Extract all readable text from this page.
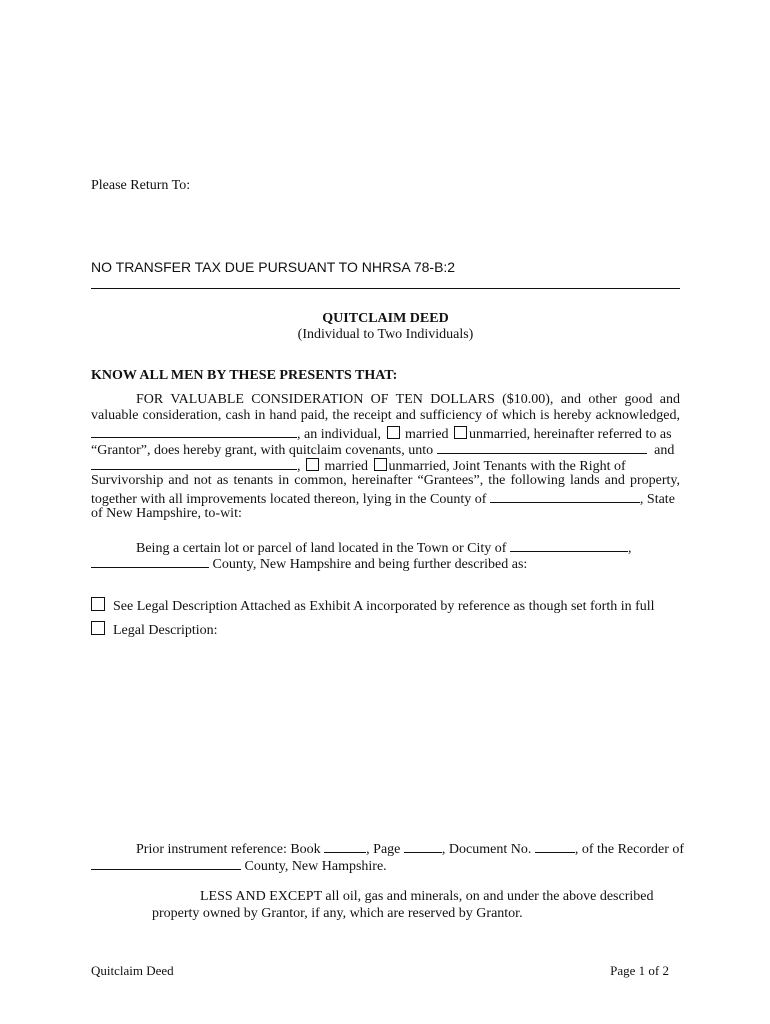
Please Return To:
NO TRANSFER TAX DUE PURSUANT TO NHRSA 78-B:2
QUITCLAIM DEED
(Individual to Two Individuals)
KNOW ALL MEN BY THESE PRESENTS THAT:
FOR VALUABLE CONSIDERATION OF TEN DOLLARS ($10.00), and other good and
valuable consideration, cash in hand paid, the receipt and sufficiency of which is hereby acknowledged,
, an individual, married unmarried, hereinafter referred to as
“Grantor”, does hereby grant, with quitclaim covenants, unto	and
, married unmarried, Joint Tenants with the Right of
Survivorship and not as tenants in common, hereinafter “Grantees”, the following lands and property,
together with all improvements located thereon, lying in the County of	, State
of New Hampshire, to-wit:
Being a certain lot or parcel of land located in the Town or City of	,
County, New Hampshire and being further described as:
See Legal Description Attached as Exhibit A incorporated by reference as though set forth in full
Legal Description:
Prior instrument reference: Book	, Page	, Document No.	, of the Recorder of
County, New Hampshire.
LESS AND EXCEPT all oil, gas and minerals, on and under the above described
property owned by Grantor, if any, which are reserved by Grantor.
Quitclaim Deed	Page 1 of 2
